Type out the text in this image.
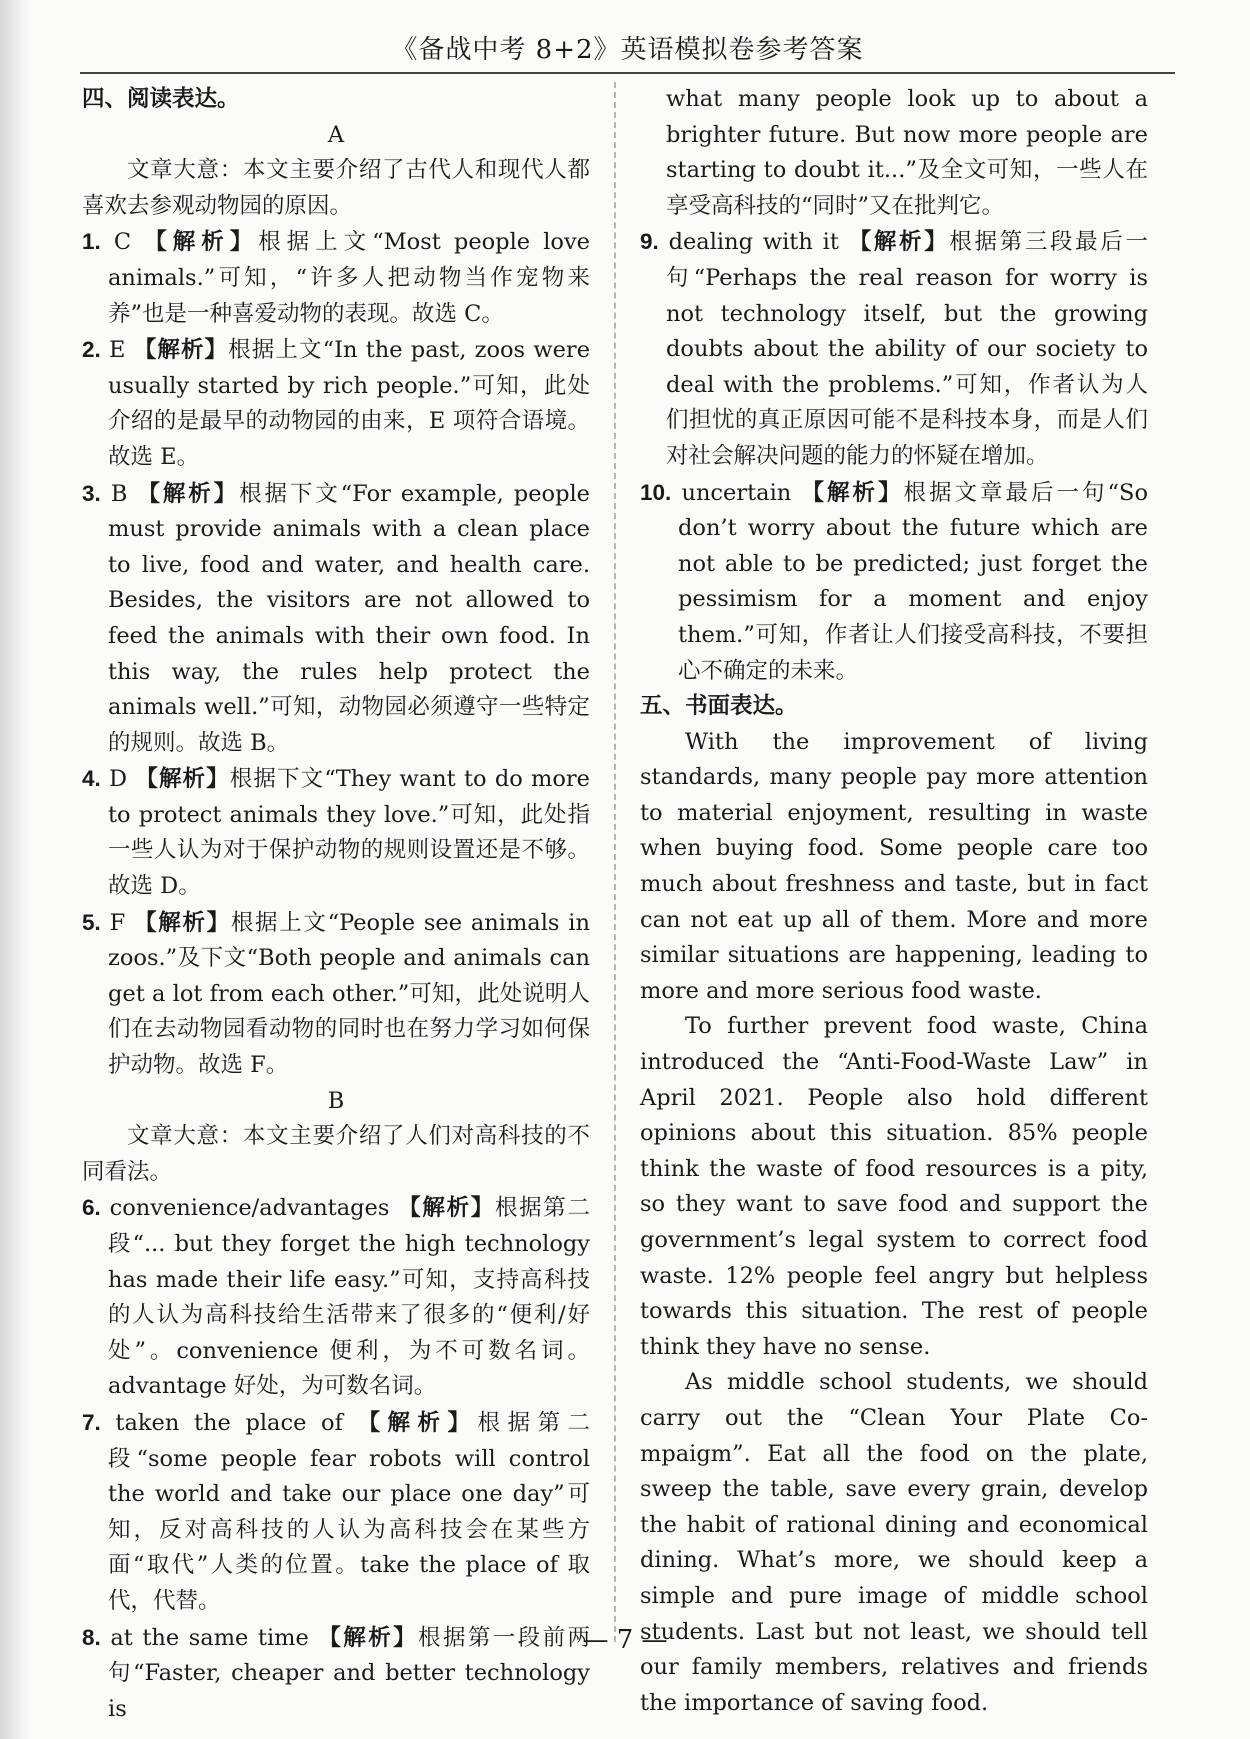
《备战中考 8+2》英语模拟卷参考答案

四、阅读表达。

A

文章大意：本文主要介绍了古代人和现代人都喜欢去参观动物园的原因。

1. C 【解析】根据上文“Most people love animals.”可知，“许多人把动物当作宠物来养”也是一种喜爱动物的表现。故选 C。

2. E 【解析】根据上文“In the past, zoos were usually started by rich people.”可知，此处介绍的是最早的动物园的由来，E 项符合语境。故选 E。

3. B 【解析】根据下文“For example, people must provide animals with a clean place to live, food and water, and health care. Besides, the visitors are not allowed to feed the animals with their own food. In this way, the rules help protect the animals well.”可知，动物园必须遵守一些特定的规则。故选 B。

4. D 【解析】根据下文“They want to do more to protect animals they love.”可知，此处指一些人认为对于保护动物的规则设置还是不够。故选 D。

5. F 【解析】根据上文“People see animals in zoos.”及下文“Both people and animals can get a lot from each other.”可知，此处说明人们在去动物园看动物的同时也在努力学习如何保护动物。故选 F。

B

文章大意：本文主要介绍了人们对高科技的不同看法。

6. convenience/advantages 【解析】根据第二段“... but they forget the high technology has made their life easy.”可知，支持高科技的人认为高科技给生活带来了很多的“便利/好处”。convenience 便利，为不可数名词。advantage 好处，为可数名词。

7. taken the place of 【解析】根据第二段“some people fear robots will control the world and take our place one day”可知，反对高科技的人认为高科技会在某些方面“取代”人类的位置。take the place of 取代，代替。

8. at the same time 【解析】根据第一段前两句“Faster, cheaper and better technology is

what many people look up to about a brighter future. But now more people are starting to doubt it...”及全文可知，一些人在享受高科技的“同时”又在批判它。

9. dealing with it 【解析】根据第三段最后一句“Perhaps the real reason for worry is not technology itself, but the growing doubts about the ability of our society to deal with the problems.”可知，作者认为人们担忧的真正原因可能不是科技本身，而是人们对社会解决问题的能力的怀疑在增加。

10. uncertain 【解析】根据文章最后一句“So don’t worry about the future which are not able to be predicted; just forget the pessimism for a moment and enjoy them.”可知，作者让人们接受高科技，不要担心不确定的未来。

五、书面表达。

With the improvement of living standards, many people pay more attention to material enjoyment, resulting in waste when buying food. Some people care too much about freshness and taste, but in fact can not eat up all of them. More and more similar situations are happening, leading to more and more serious food waste.

To further prevent food waste, China introduced the “Anti-Food-Waste Law” in April 2021. People also hold different opinions about this situation. 85% people think the waste of food resources is a pity, so they want to save food and support the government’s legal system to correct food waste. 12% people feel angry but helpless towards this situation. The rest of people think they have no sense.

As middle school students, we should carry out the “Clean Your Plate Co-mpaigm”. Eat all the food on the plate, sweep the table, save every grain, develop the habit of rational dining and economical dining. What’s more, we should keep a simple and pure image of middle school students. Last but not least, we should tell our family members, relatives and friends the importance of saving food.

— 7 —
